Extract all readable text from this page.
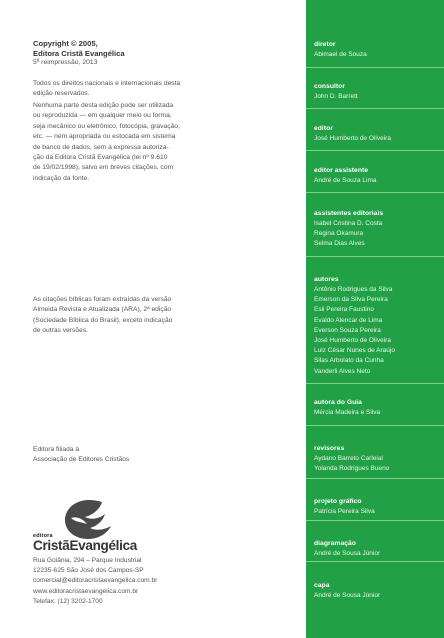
Copyright © 2005,
Editora Cristã Evangélica

5ª reimpressão, 2013

Todos os direitos nacionais e internacionais desta
edição reservados.

Nenhuma parte desta edição pode ser utilizada
ou reproduzida — em qualquer meio ou forma,
seja mecânico ou eletrônico, fotocópia, gravação,
etc. — nem apropriada ou estocada em sistema
de banco de dados, sem a expressa autoriza-
ção da Editora Cristã Evangélica (lei nº 9.610
de 19/02/1998), salvo em breves citações, com
indicação da fonte.

As citações bíblicas foram extraídas da versão
Almeida Revista e Atualizada (ARA), 2ª edição
(Sociedade Bíblica do Brasil), exceto indicação
de outras versões.

Editora filiada à
Associação de Editores Cristãos

editora

CristãEvangélica

Rua Goiânia, 294 – Parque Industrial
12235-625 São José dos Campos-SP
comercial@editoracristaevangelica.com.br
www.editoracristaevangelica.com.br
Telefax: (12) 3202-1700

diretor

Abimael de Souza

consultor

John D. Barrett

editor

José Humberto de Oliveira

editor assistente

André de Souza Lima

assistentes editoriais

Isabel Cristina D. Costa

Regina Okamura

Selma Dias Alves

autores

Antônio Rodrigues da Silva

Emerson da Silva Pereira

Esli Pereira Faustino

Evaldo Alencar de Lima

Everson Souza Pereira

José Humberto de Oliveira

Luiz César Nunes de Araújo

Silas Arbolato da Cunha

Vanderli Alves Neto

autora do Guia

Mércia Madeira e Silva

revisores

Aydano Barreto Carleial

Yolanda Rodrigues Bueno

projeto gráfico

Patrícia Pereira Silva

diagramação

André de Sousa Júnior

capa

André de Sousa Júnior
